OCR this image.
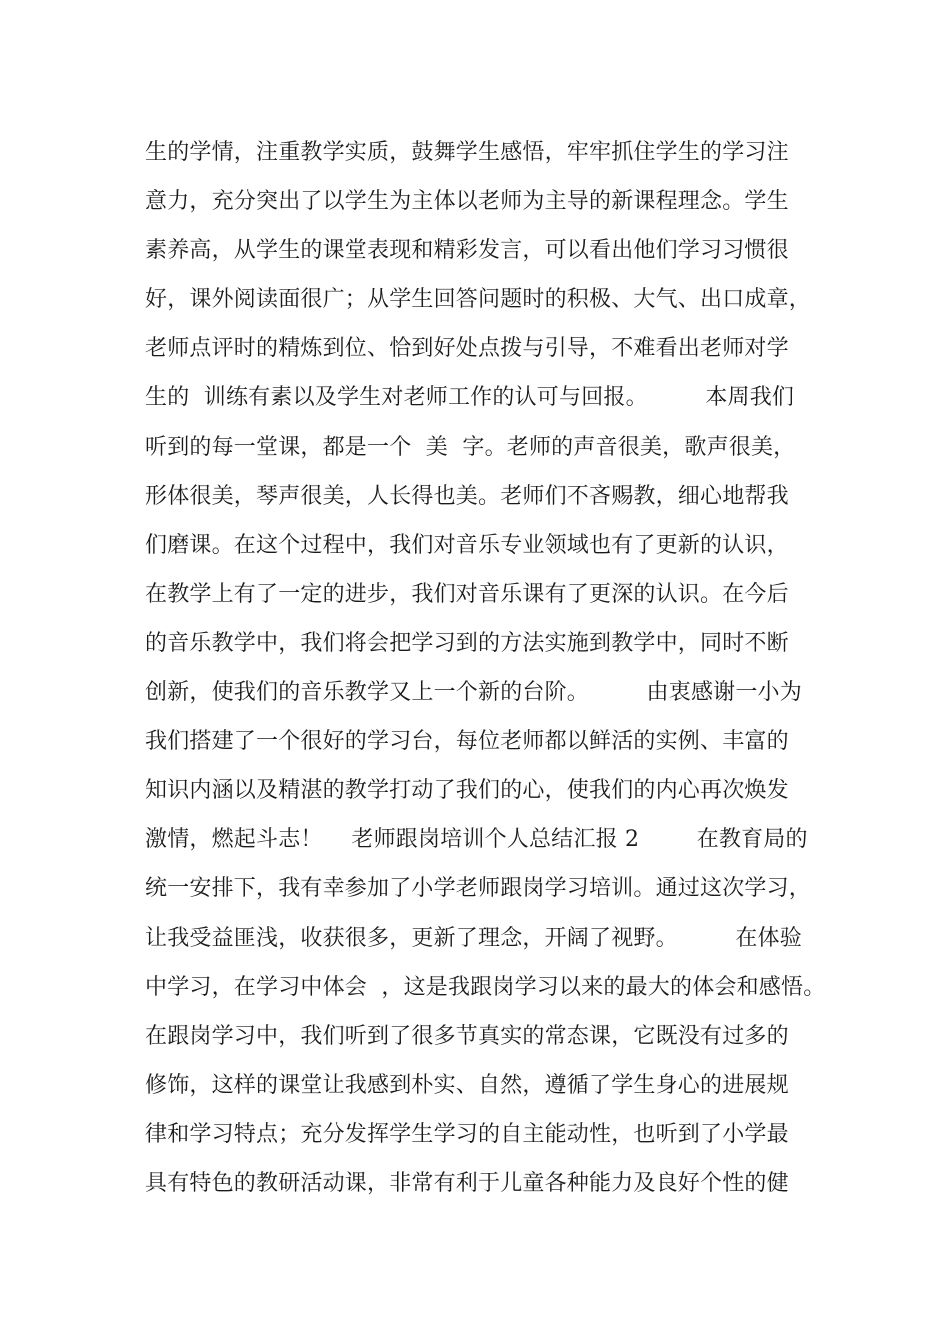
生的学情，注重教学实质，鼓舞学生感悟，牢牢抓住学生的学习注
意力，充分突出了以学生为主体以老师为主导的新课程理念。学生
素养高，从学生的课堂表现和精彩发言，可以看出他们学习习惯很
好，课外阅读面很广；从学生回答问题时的积极、大气、出口成章，
老师点评时的精炼到位、恰到好处点拨与引导，不难看出老师对学
生的  训练有素以及学生对老师工作的认可与回报。        本周我们
听到的每一堂课，都是一个  美  字。老师的声音很美，歌声很美，
形体很美，琴声很美，人长得也美。老师们不吝赐教，细心地帮我
们磨课。在这个过程中，我们对音乐专业领域也有了更新的认识，
在教学上有了一定的进步，我们对音乐课有了更深的认识。在今后
的音乐教学中，我们将会把学习到的方法实施到教学中，同时不断
创新，使我们的音乐教学又上一个新的台阶。        由衷感谢一小为
我们搭建了一个很好的学习台，每位老师都以鲜活的实例、丰富的
知识内涵以及精湛的教学打动了我们的心，使我们的内心再次焕发
激情，燃起斗志！    老师跟岗培训个人总结汇报 2        在教育局的
统一安排下，我有幸参加了小学老师跟岗学习培训。通过这次学习，
让我受益匪浅，收获很多，更新了理念，开阔了视野。        在体验
中学习，在学习中体会  ，这是我跟岗学习以来的最大的体会和感悟。
在跟岗学习中，我们听到了很多节真实的常态课，它既没有过多的
修饰，这样的课堂让我感到朴实、自然，遵循了学生身心的进展规
律和学习特点；充分发挥学生学习的自主能动性，也听到了小学最
具有特色的教研活动课，非常有利于儿童各种能力及良好个性的健
